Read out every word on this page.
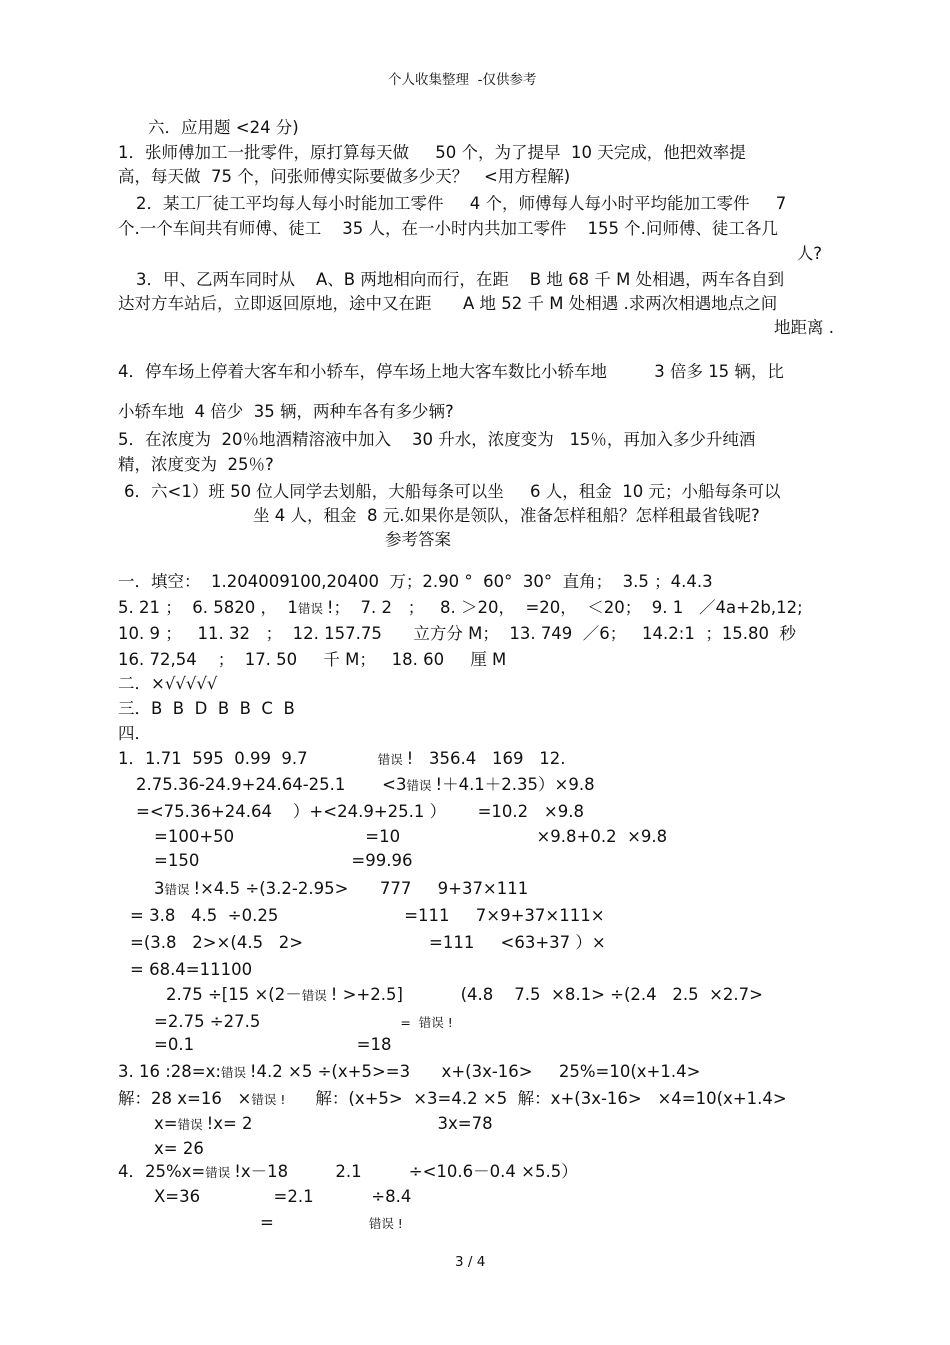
个人收集整理  -仅供参考
六．应用题 <24 分)
1．张师傅加工一批零件，原打算每天做     50 个，为了提早  10 天完成，他把效率提
高，每天做  75 个，问张师傅实际要做多少天？   <用方程解)
2．某工厂徒工平均每人每小时能加工零件     4 个，师傅每人每小时平均能加工零件     7
个.一个车间共有师傅、徒工    35 人，在一小时内共加工零件    155 个.问师傅、徒工各几
人?
3．甲、乙两车同时从    A、B 两地相向而行，在距    B 地 68 千 M 处相遇，两车各自到
达对方车站后，立即返回原地，途中又在距      A 地 52 千 M 处相遇 .求两次相遇地点之间
地距离 .
4．停车场上停着大客车和小轿车，停车场上地大客车数比小轿车地         3 倍多 15 辆，比
小轿车地  4 倍少  35 辆，两种车各有多少辆?
5．在浓度为  20％地酒精溶液中加入    30 升水，浓度变为   15％，再加入多少升纯酒
精，浓度变为  25％?
6．六<1）班 50 位人同学去划船，大船每条可以坐     6 人，租金  10 元；小船每条可以
坐 4 人，租金  8 元.如果你是领队，准备怎样租船？怎样租最省钱呢?
参考答案
一．填空：  1.204009100,20400  万；2.90 °  60°  30°  直角；  3.5 ；4.4.3
5. 21 ；  6. 5820 ，  1错误 !；  7. 2   ；   8. ＞20，  =20，  ＜20；  9. 1   ／4a+2b,12;
10. 9 ；   11. 32   ；  12. 157.75      立方分 M；  13. 749  ／6；   14.2:1  ；15.80  秒
16. 72,54    ；  17. 50     千 M；   18. 60     厘 M
二．×√√√√√
三．B  B  D  B  B  C  B
四．
1．1.71  595  0.99  9.7	错误 !   356.4   169   12.
2.75.36-24.9+24.64-25.1       <3错误 !＋4.1＋2.35）×9.8
=<75.36+24.64    ）+<24.9+25.1 ）      =10.2   ×9.8
=100+50                         =10                          ×9.8+0.2  ×9.8
=150                             =99.96
3错误 !×4.5 ÷(3.2-2.95>      777     9+37×111
= 3.8   4.5  ÷0.25                        =111     7×9+37×111×
=(3.8   2>×(4.5   2>                        =111     <63+37 ）×
= 68.4=11100
2.75 ÷[15 ×(2－错误 ! >+2.5]           (4.8    7.5  ×8.1> ÷(2.4   2.5  ×2.7>
=2.75 ÷27.5	=  错误 !
=0.1                               =18
3. 16 :28=x:错误 !4.2 ×5 ÷(x+5>=3      x+(3x-16>     25%=10(x+1.4>
解：28 x=16   ×错误 ! 解：(x+5>  ×3=4.2 ×5  解：x+(3x-16>   ×4=10(x+1.4>
x=错误 !x= 2	3x=78
x= 26
4．25%x=错误 !x－18         2.1         ÷<10.6－0.4 ×5.5）
X=36              =2.1           ÷8.4
=	错误 !
3 / 4
